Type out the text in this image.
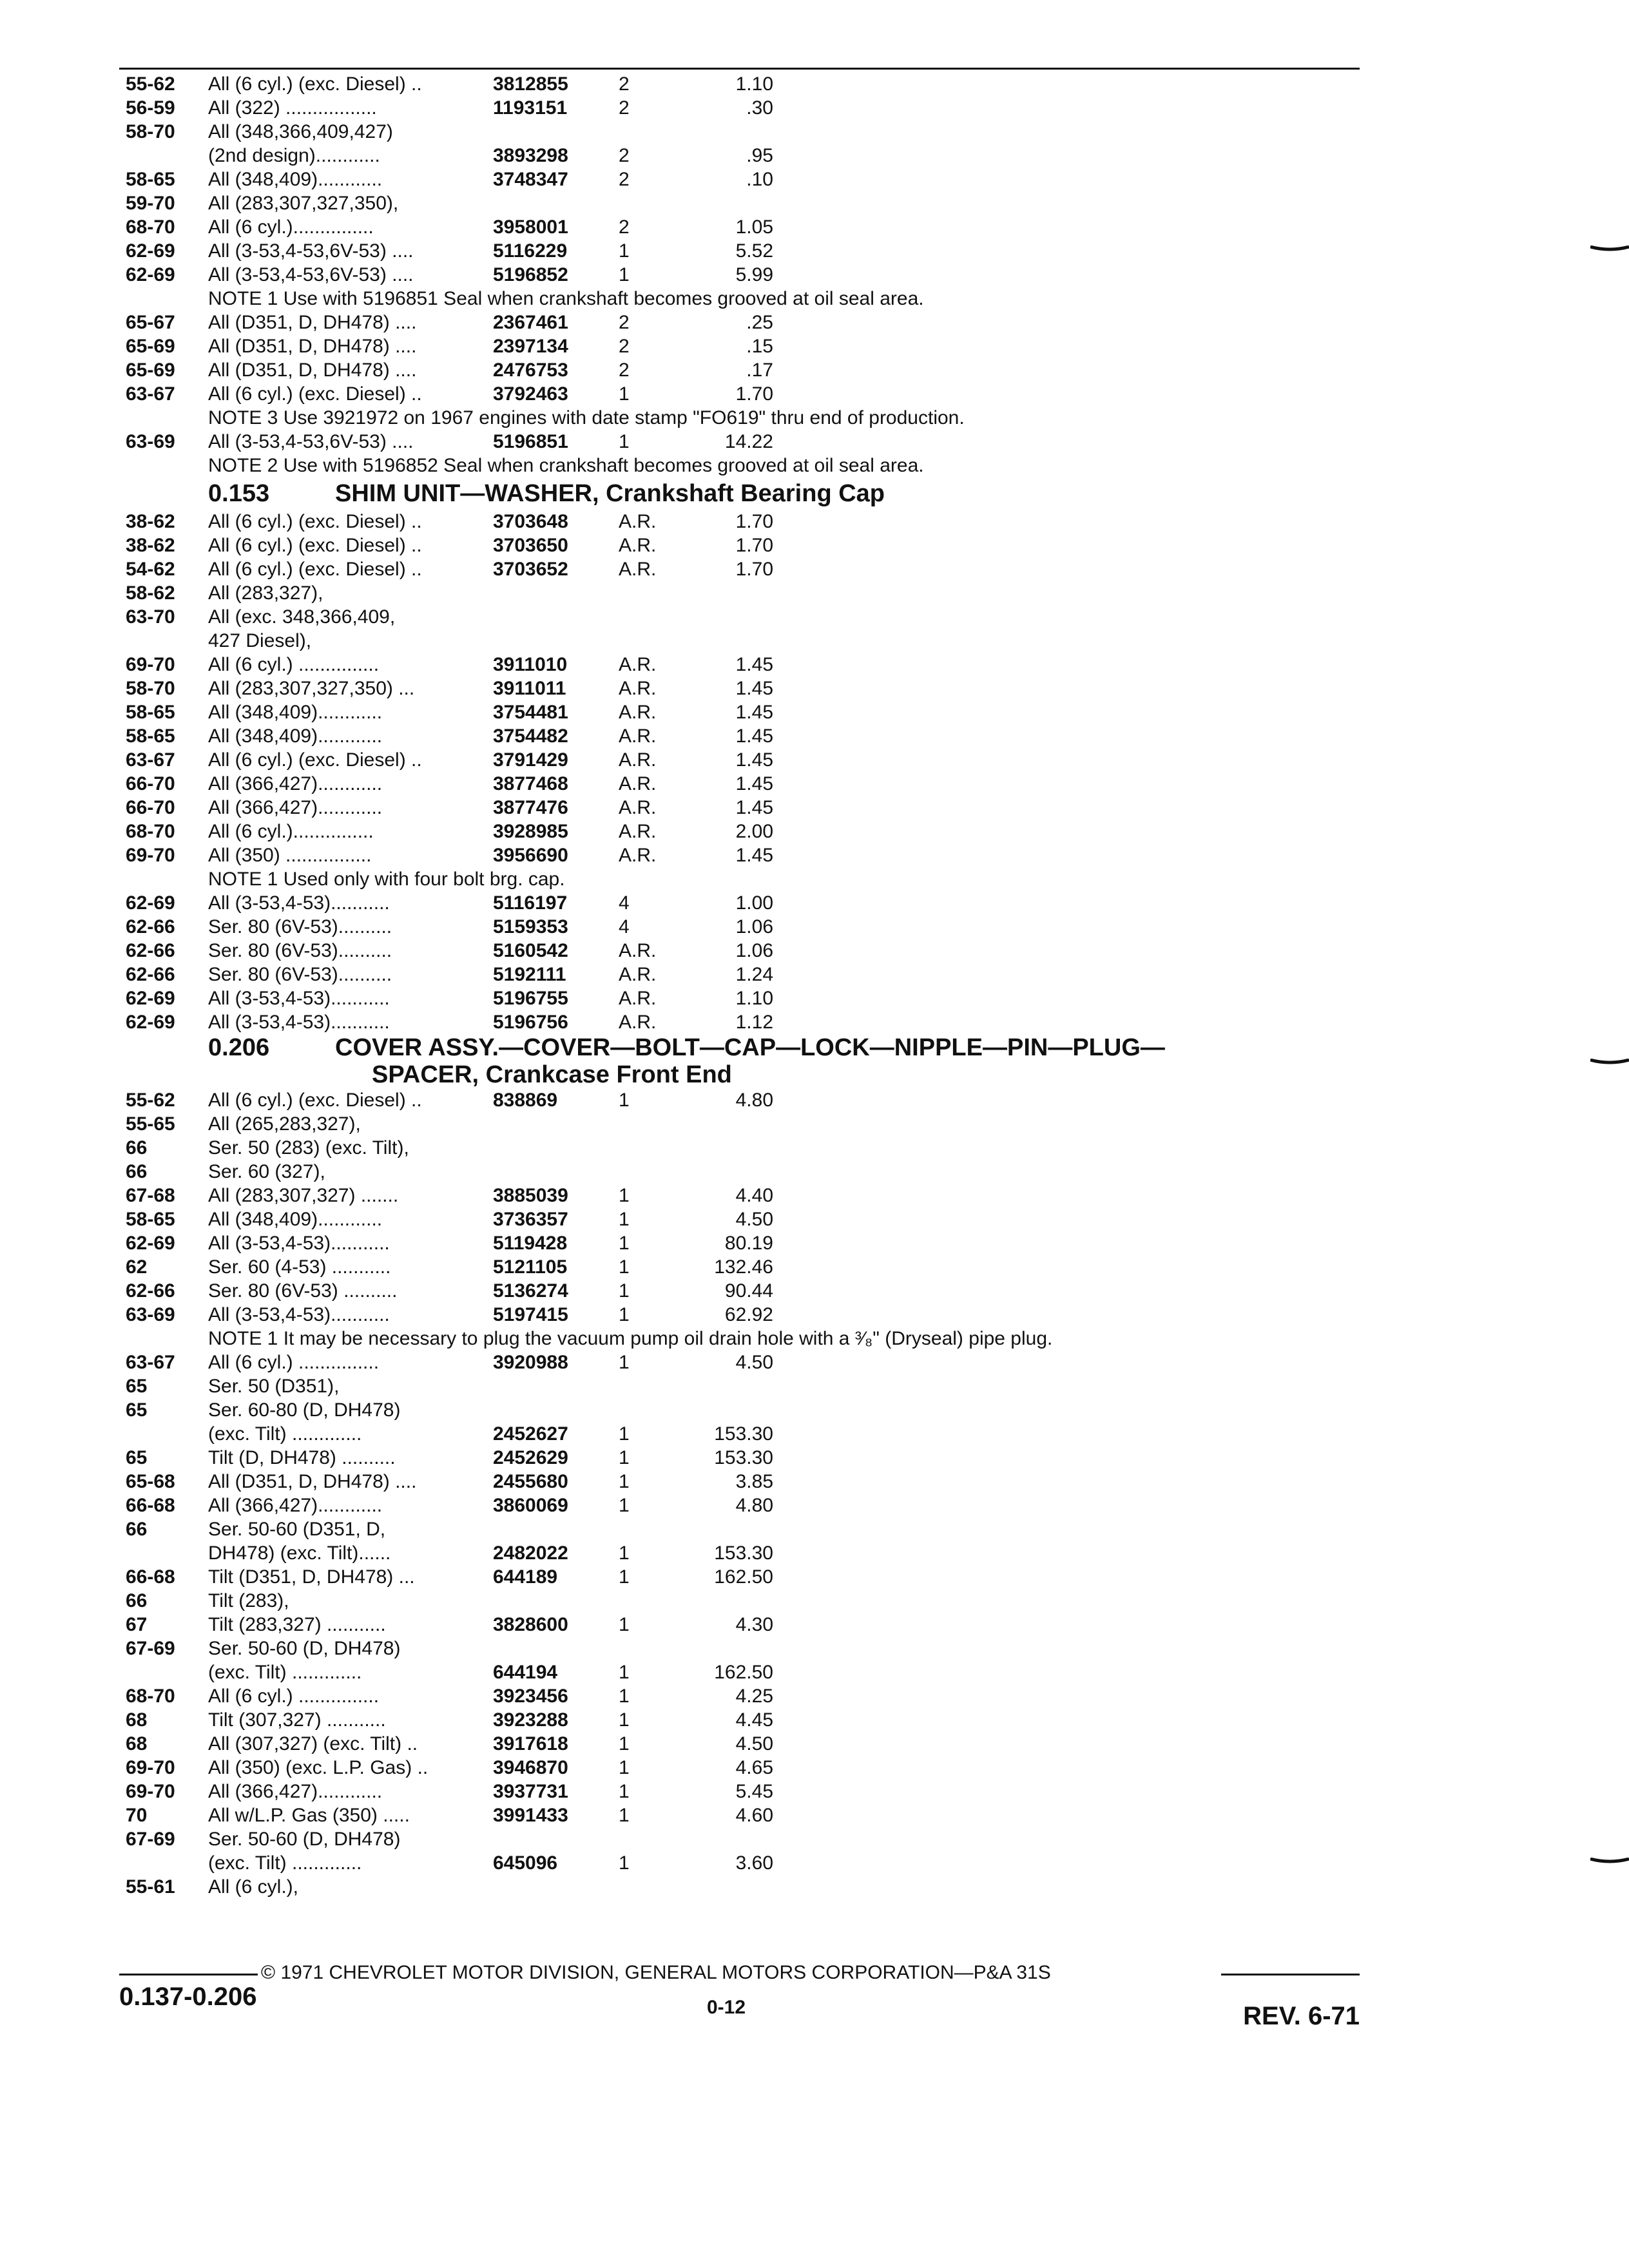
55-62 All (6 cyl.) (exc. Diesel) ..	3812855	2	1.10
56-59 All (322) .................	1193151	2	.30
58-70 All (348,366,409,427)
(2nd design)............	3893298	2	.95
58-65 All (348,409)............	3748347	2	.10
59-70 All (283,307,327,350),
68-70 All (6 cyl.)...............	3958001	2	1.05
62-69 All (3-53,4-53,6V-53) ....	5116229	1	5.52
62-69 All (3-53,4-53,6V-53) ....	5196852	1	5.99
NOTE 1 Use with 5196851 Seal when crankshaft becomes grooved at oil seal area.
65-67 All (D351, D, DH478) ....	2367461	2	.25
65-69 All (D351, D, DH478) ....	2397134	2	.15
65-69 All (D351, D, DH478) ....	2476753	2	.17
63-67 All (6 cyl.) (exc. Diesel) ..	3792463	1	1.70
NOTE 3 Use 3921972 on 1967 engines with date stamp "FO619" thru end of production.
63-69 All (3-53,4-53,6V-53) ....	5196851	1	14.22
NOTE 2 Use with 5196852 Seal when crankshaft becomes grooved at oil seal area.
0.153	SHIM UNIT—WASHER, Crankshaft Bearing Cap
38-62 All (6 cyl.) (exc. Diesel) ..	3703648	A.R.	1.70
38-62 All (6 cyl.) (exc. Diesel) ..	3703650	A.R.	1.70
54-62 All (6 cyl.) (exc. Diesel) ..	3703652	A.R.	1.70
58-62 All (283,327),
63-70 All (exc. 348,366,409,
427 Diesel),
69-70 All (6 cyl.) ...............	3911010	A.R.	1.45
58-70 All (283,307,327,350) ...	3911011	A.R.	1.45
58-65 All (348,409)............	3754481	A.R.	1.45
58-65 All (348,409)............	3754482	A.R.	1.45
63-67 All (6 cyl.) (exc. Diesel) ..	3791429	A.R.	1.45
66-70 All (366,427)............	3877468	A.R.	1.45
66-70 All (366,427)............	3877476	A.R.	1.45
68-70 All (6 cyl.)...............	3928985	A.R.	2.00
69-70 All (350) ................	3956690	A.R.	1.45
NOTE 1 Used only with four bolt brg. cap.
62-69 All (3-53,4-53)...........	5116197	4	1.00
62-66 Ser. 80 (6V-53)..........	5159353	4	1.06
62-66 Ser. 80 (6V-53)..........	5160542	A.R.	1.06
62-66 Ser. 80 (6V-53)..........	5192111	A.R.	1.24
62-69 All (3-53,4-53)...........	5196755	A.R.	1.10
62-69 All (3-53,4-53)...........	5196756	A.R.	1.12
0.206	COVER ASSY.—COVER—BOLT—CAP—LOCK—NIPPLE—PIN—PLUG—
SPACER, Crankcase Front End
55-62 All (6 cyl.) (exc. Diesel) ..	838869	1	4.80
55-65 All (265,283,327),
66	Ser. 50 (283) (exc. Tilt),
66	Ser. 60 (327),
67-68 All (283,307,327) .......	3885039	1	4.40
58-65 All (348,409)............	3736357	1	4.50
62-69 All (3-53,4-53)...........	5119428	1	80.19
62	Ser. 60 (4-53) ...........	5121105	1	132.46
62-66 Ser. 80 (6V-53) ..........	5136274	1	90.44
63-69 All (3-53,4-53)...........	5197415	1	62.92
NOTE 1 It may be necessary to plug the vacuum pump oil drain hole with a ³⁄₈" (Dryseal) pipe plug.
63-67 All (6 cyl.) ...............	3920988	1	4.50
65	Ser. 50 (D351),
65	Ser. 60-80 (D, DH478)
(exc. Tilt) .............	2452627	1	153.30
65	Tilt (D, DH478) ..........	2452629	1	153.30
65-68 All (D351, D, DH478) ....	2455680	1	3.85
66-68 All (366,427)............	3860069	1	4.80
66	Ser. 50-60 (D351, D,
DH478) (exc. Tilt)......	2482022	1	153.30
66-68 Tilt (D351, D, DH478) ...	644189	1	162.50
66	Tilt (283),
67	Tilt (283,327) ...........	3828600	1	4.30
67-69 Ser. 50-60 (D, DH478)
(exc. Tilt) .............	644194	1	162.50
68-70 All (6 cyl.) ...............	3923456	1	4.25
68	Tilt (307,327) ...........	3923288	1	4.45
68	All (307,327) (exc. Tilt) ..	3917618	1	4.50
69-70 All (350) (exc. L.P. Gas) ..	3946870	1	4.65
69-70 All (366,427)............	3937731	1	5.45
70	All w/L.P. Gas (350) .....	3991433	1	4.60
67-69 Ser. 50-60 (D, DH478)
(exc. Tilt) .............	645096	1	3.60
55-61 All (6 cyl.),
© 1971 CHEVROLET MOTOR DIVISION, GENERAL MOTORS CORPORATION—P&A 31S
0.137-0.206	0-12	REV. 6-71
